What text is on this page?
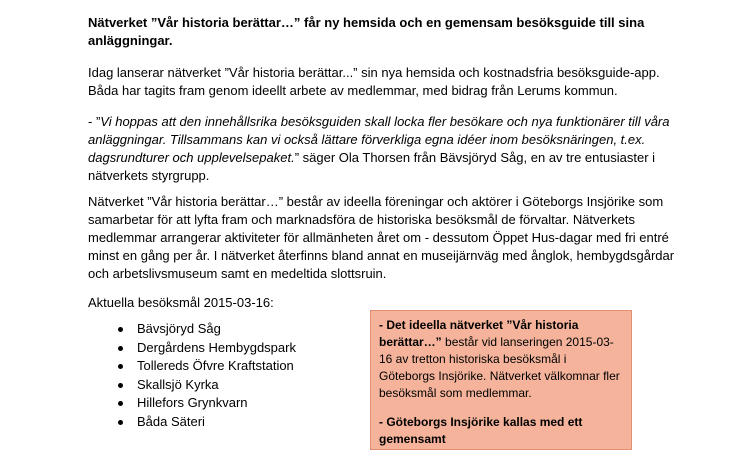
Nätverket ”Vår historia berättar…” får ny hemsida och en gemensam besöksguide till sina anläggningar.

Idag lanserar nätverket ”Vår historia berättar...” sin nya hemsida och kostnadsfria besöksguide-app. Båda har tagits fram genom ideellt arbete av medlemmar, med bidrag från Lerums kommun.

- ”Vi hoppas att den innehållsrika besöksguiden skall locka fler besökare och nya funktionärer till våra anläggningar. Tillsammans kan vi också lättare förverkliga egna idéer inom besöksnäringen, t.ex. dagsrundturer och upplevelsepaket.” säger Ola Thorsen från Bävsjöryd Såg, en av tre entusiaster i nätverkets styrgrupp.

Nätverket ”Vår historia berättar…” består av ideella föreningar och aktörer i Göteborgs Insjörike som samarbetar för att lyfta fram och marknadsföra de historiska besöksmål de förvaltar. Nätverkets medlemmar arrangerar aktiviteter för allmänheten året om - dessutom Öppet Hus-dagar med fri entré minst en gång per år. I nätverket återfinns bland annat en museijärnväg med ånglok, hembygdsgårdar och arbetslivsmuseum samt en medeltida slottsruin.

Aktuella besöksmål 2015-03-16:

Bävsjöryd Såg
Dergårdens Hembygdspark
Tollereds Öfvre Kraftstation
Skallsjö Kyrka
Hillefors Grynkvarn
Båda Säteri

- Det ideella nätverket ”Vår historia berättar…” består vid lanseringen 2015-03-16 av tretton historiska besöksmål i Göteborgs Insjörike. Nätverket välkomnar fler besöksmål som medlemmar.

- Göteborgs Insjörike kallas med ett gemensamt
